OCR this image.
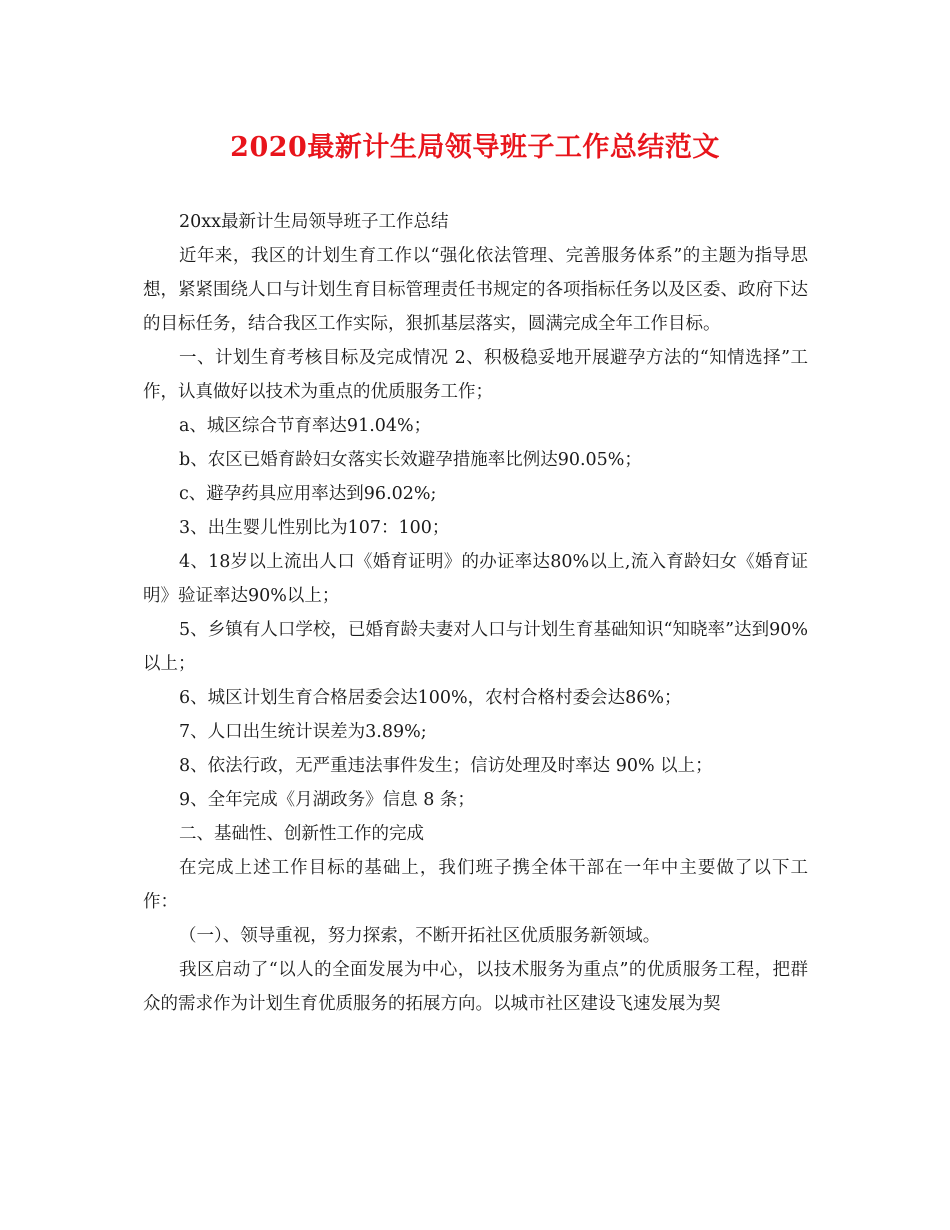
2020最新计生局领导班子工作总结范文

20xx最新计生局领导班子工作总结

近年来，我区的计划生育工作以“强化依法管理、完善服务体系”的主题为指导思想，紧紧围绕人口与计划生育目标管理责任书规定的各项指标任务以及区委、政府下达的目标任务，结合我区工作实际，狠抓基层落实，圆满完成全年工作目标。

一、计划生育考核目标及完成情况 2、积极稳妥地开展避孕方法的“知情选择”工作，认真做好以技术为重点的优质服务工作；

a、城区综合节育率达91.04%；

b、农区已婚育龄妇女落实长效避孕措施率比例达90.05%；

c、避孕药具应用率达到96.02%;

3、出生婴儿性别比为107：100；

4、18岁以上流出人口《婚育证明》的办证率达80%以上,流入育龄妇女《婚育证明》验证率达90%以上；

5、乡镇有人口学校，已婚育龄夫妻对人口与计划生育基础知识“知晓率”达到90%以上；

6、城区计划生育合格居委会达100%，农村合格村委会达86%；

7、人口出生统计误差为3.89%;

8、依法行政，无严重违法事件发生；信访处理及时率达 90% 以上；

9、全年完成《月湖政务》信息 8 条；

二、基础性、创新性工作的完成

在完成上述工作目标的基础上，我们班子携全体干部在一年中主要做了以下工作：

（一）、领导重视，努力探索，不断开拓社区优质服务新领域。

我区启动了“以人的全面发展为中心，以技术服务为重点”的优质服务工程，把群众的需求作为计划生育优质服务的拓展方向。以城市社区建设飞速发展为契
